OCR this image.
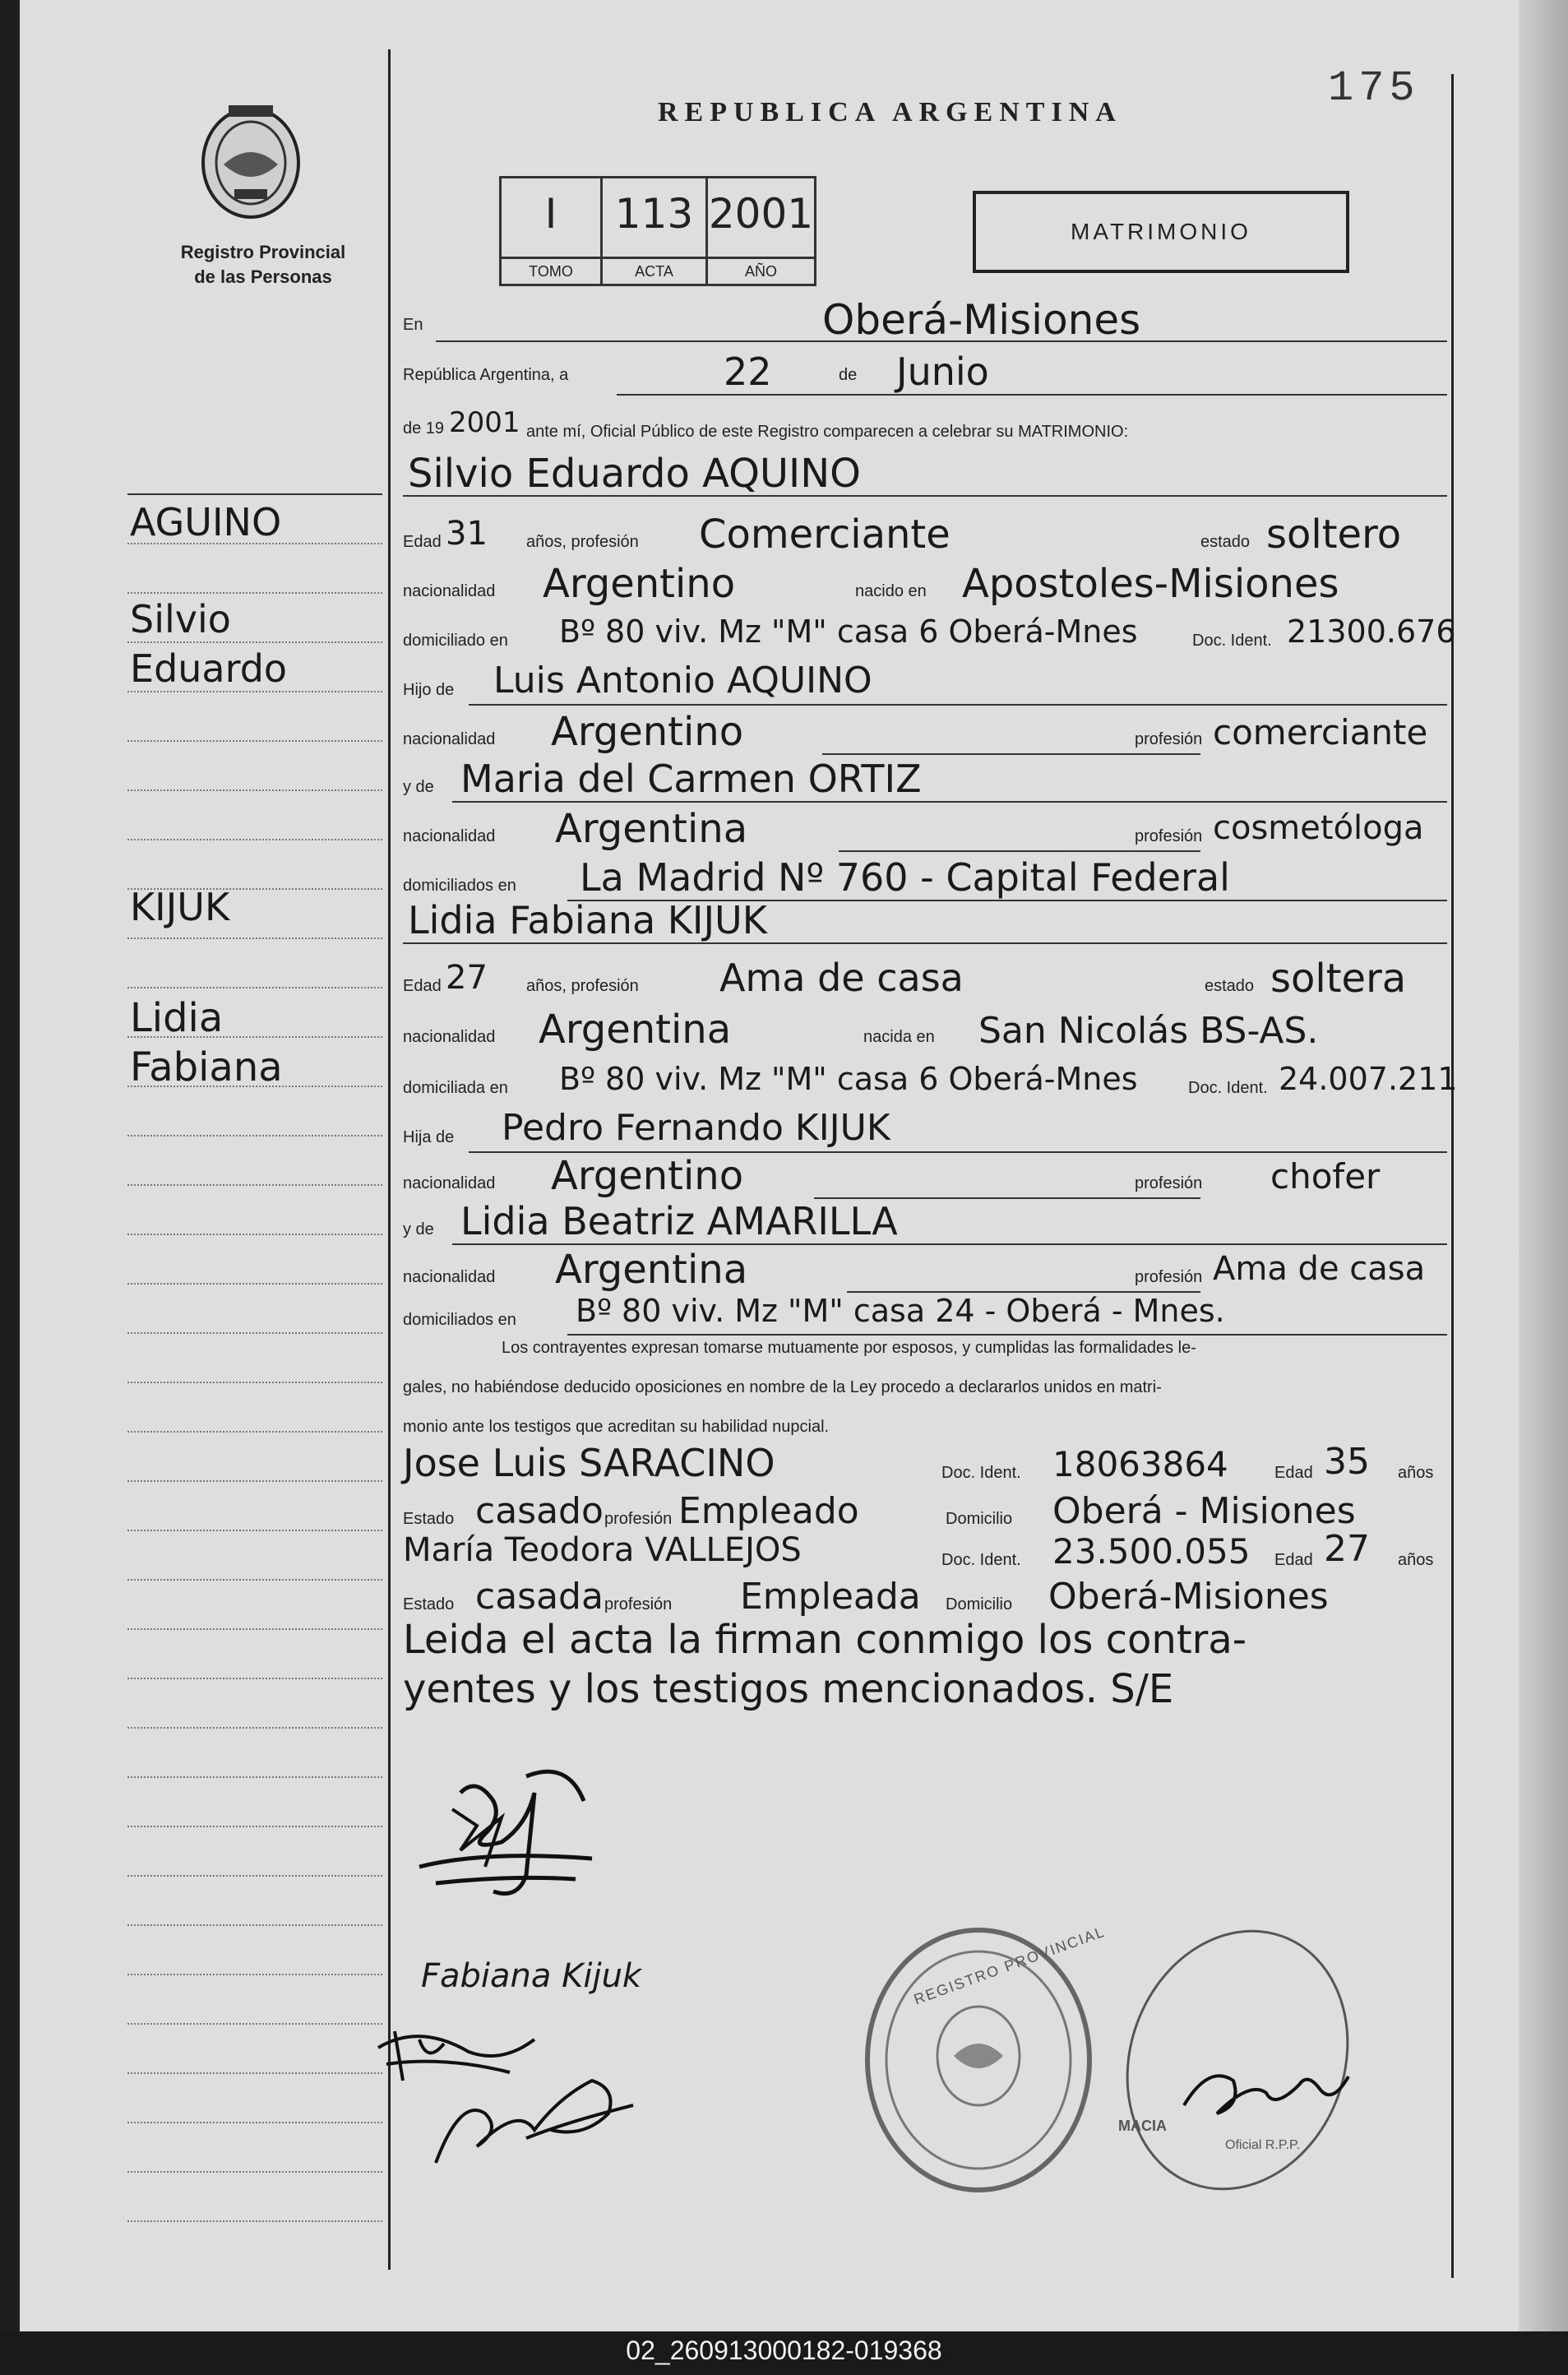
Registro Provincial
de las Personas
REPUBLICA ARGENTINA	175
I
TOMO
113
ACTA
2001
AÑO
MATRIMONIO
AGUINO
Silvio
Eduardo
KIJUK
Lidia
Fabiana
En	Oberá-Misiones
República Argentina, a	22	de Junio
de 19 2001 ante mí, Oficial Público de este Registro comparecen a celebrar su MATRIMONIO:
Silvio Eduardo AQUINO
Edad 31 años, profesión Comerciante	estado soltero
nacionalidad Argentino	nacido en Apostoles-Misiones
domiciliado en Bº 80 viv. Mz "M" casa 6 Oberá-Mnes	Doc. Ident. 21300.676
Hijo de Luis Antonio AQUINO
nacionalidad Argentino	profesión comerciante
y de Maria del Carmen ORTIZ
nacionalidad Argentina	profesión cosmetóloga
domiciliados en La Madrid Nº 760 - Capital Federal
Lidia Fabiana KIJUK
Edad 27 años, profesión Ama de casa	estado soltera
nacionalidad Argentina	nacida en San Nicolás BS-AS.
domiciliada en Bº 80 viv. Mz "M" casa 6 Oberá-Mnes	Doc. Ident. 24.007.211
Hija de Pedro Fernando KIJUK
nacionalidad Argentino	profesión chofer
y de Lidia Beatriz AMARILLA
nacionalidad Argentina	profesión Ama de casa
domiciliados en Bº 80 viv. Mz "M" casa 24 - Oberá - Mnes.
Los contrayentes expresan tomarse mutuamente por esposos, y cumplidas las formalidades le-
gales, no habiéndose deducido oposiciones en nombre de la Ley procedo a declararlos unidos en matri-
monio ante los testigos que acreditan su habilidad nupcial.
Jose Luis SARACINO	Doc. Ident. 18063864	Edad 35 años
Estado casado profesión Empleado	Domicilio Oberá - Misiones
María Teodora VALLEJOS	Doc. Ident. 23.500.055 Edad 27 años
Estado casada profesión Empleada Domicilio Oberá-Misiones
Leida el acta la firman conmigo los contra-
yentes y los testigos mencionados. S/E
Fabiana Kijuk	REGISTRO PROVINCIAL
MACIA
Oficial R.P.P.
02_260913000182-019368
